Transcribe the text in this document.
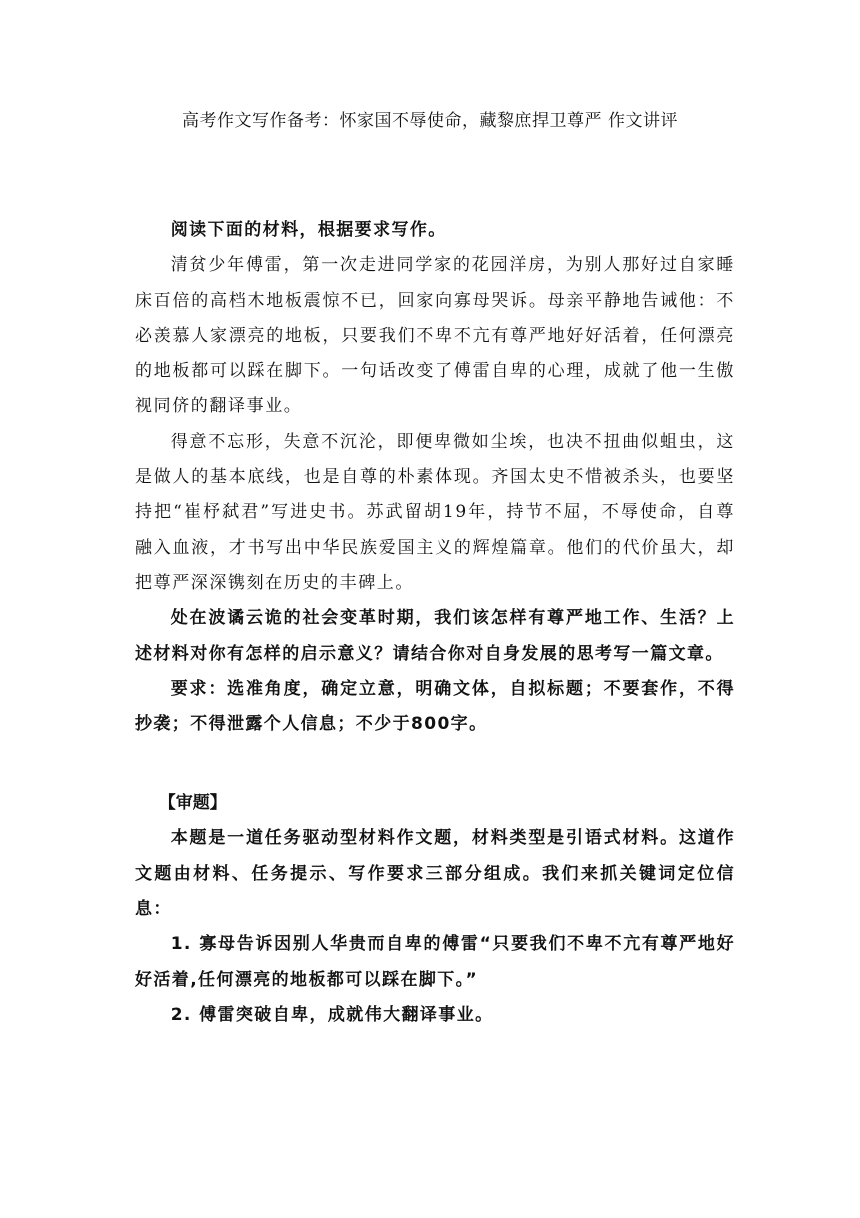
高考作文写作备考：怀家国不辱使命，藏黎庶捍卫尊严 作文讲评

阅读下面的材料，根据要求写作。

清贫少年傅雷，第一次走进同学家的花园洋房，为别人那好过自家睡床百倍的高档木地板震惊不已，回家向寡母哭诉。母亲平静地告诫他：不必羡慕人家漂亮的地板，只要我们不卑不亢有尊严地好好活着，任何漂亮的地板都可以踩在脚下。一句话改变了傅雷自卑的心理，成就了他一生傲视同侪的翻译事业。

得意不忘形，失意不沉沦，即便卑微如尘埃，也决不扭曲似蛆虫，这是做人的基本底线，也是自尊的朴素体现。齐国太史不惜被杀头，也要坚持把“崔杼弑君”写进史书。苏武留胡19年，持节不屈，不辱使命，自尊融入血液，才书写出中华民族爱国主义的辉煌篇章。他们的代价虽大，却把尊严深深镌刻在历史的丰碑上。

处在波谲云诡的社会变革时期，我们该怎样有尊严地工作、生活？上述材料对你有怎样的启示意义？请结合你对自身发展的思考写一篇文章。

要求：选准角度，确定立意，明确文体，自拟标题；不要套作，不得抄袭；不得泄露个人信息；不少于800字。

【审题】

本题是一道任务驱动型材料作文题，材料类型是引语式材料。这道作文题由材料、任务提示、写作要求三部分组成。我们来抓关键词定位信息：

1. 寡母告诉因别人华贵而自卑的傅雷“只要我们不卑不亢有尊严地好好活着,任何漂亮的地板都可以踩在脚下。”

2. 傅雷突破自卑，成就伟大翻译事业。
